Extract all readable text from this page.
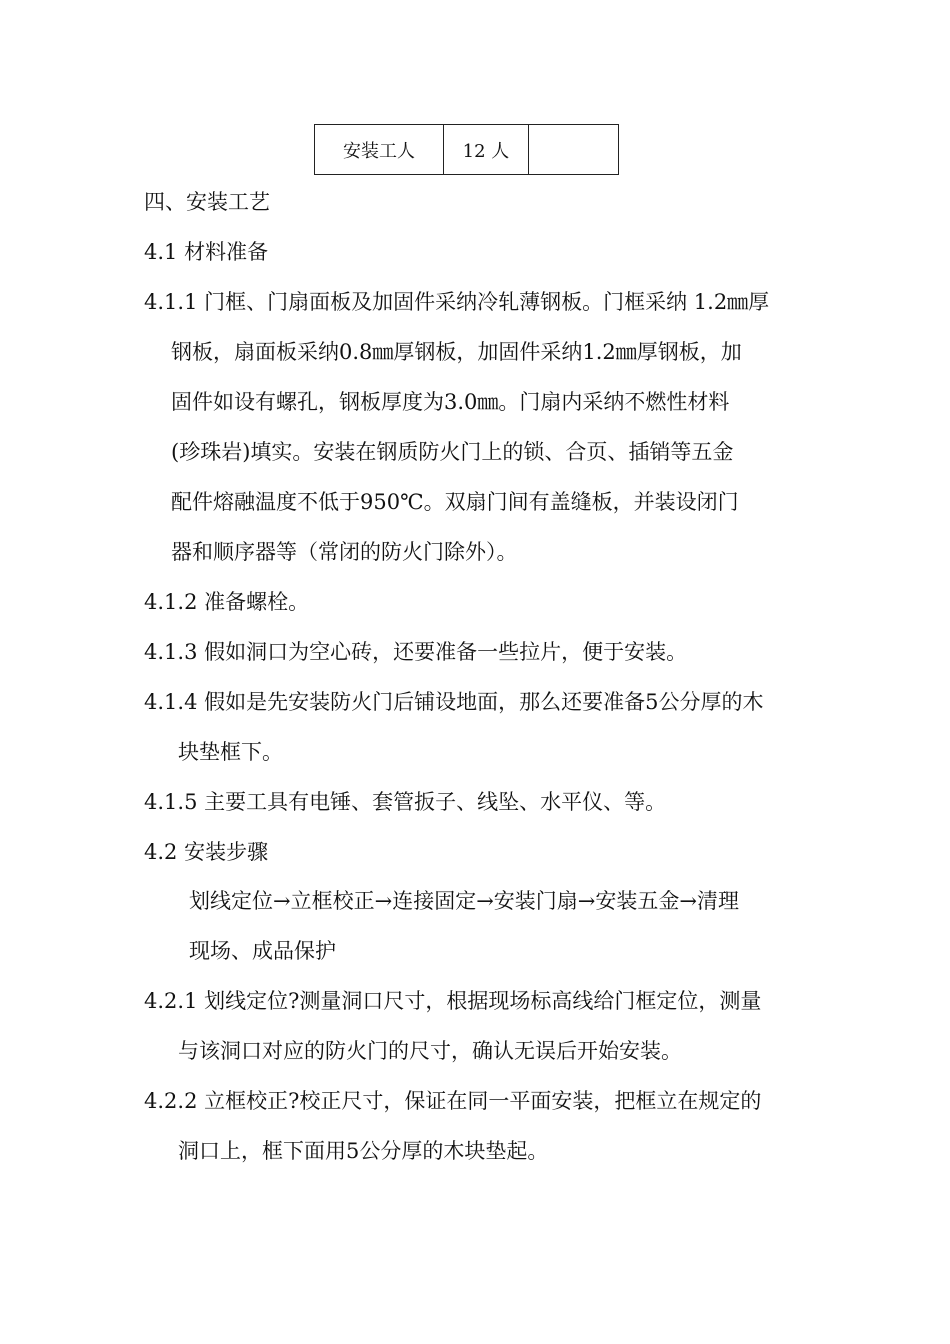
安装工人	12 人	

四、安装工艺

4.1 材料准备

4.1.1 门框、门扇面板及加固件采纳冷轧薄钢板。门框采纳 1.2㎜厚

钢板，扇面板采纳0.8㎜厚钢板，加固件采纳1.2㎜厚钢板，加

固件如设有螺孔，钢板厚度为3.0㎜。门扇内采纳不燃性材料

(珍珠岩)填实。安装在钢质防火门上的锁、合页、插销等五金

配件熔融温度不低于950℃。双扇门间有盖缝板，并装设闭门

器和顺序器等（常闭的防火门除外）。

4.1.2 准备螺栓。

4.1.3 假如洞口为空心砖，还要准备一些拉片，便于安装。

4.1.4 假如是先安装防火门后铺设地面，那么还要准备5公分厚的木

块垫框下。

4.1.5 主要工具有电锤、套管扳子、线坠、水平仪、等。

4.2 安装步骤

划线定位→立框校正→连接固定→安装门扇→安装五金→清理

现场、成品保护

4.2.1 划线定位?测量洞口尺寸，根据现场标高线给门框定位，测量

与该洞口对应的防火门的尺寸，确认无误后开始安装。

4.2.2 立框校正?校正尺寸，保证在同一平面安装，把框立在规定的

洞口上，框下面用5公分厚的木块垫起。
